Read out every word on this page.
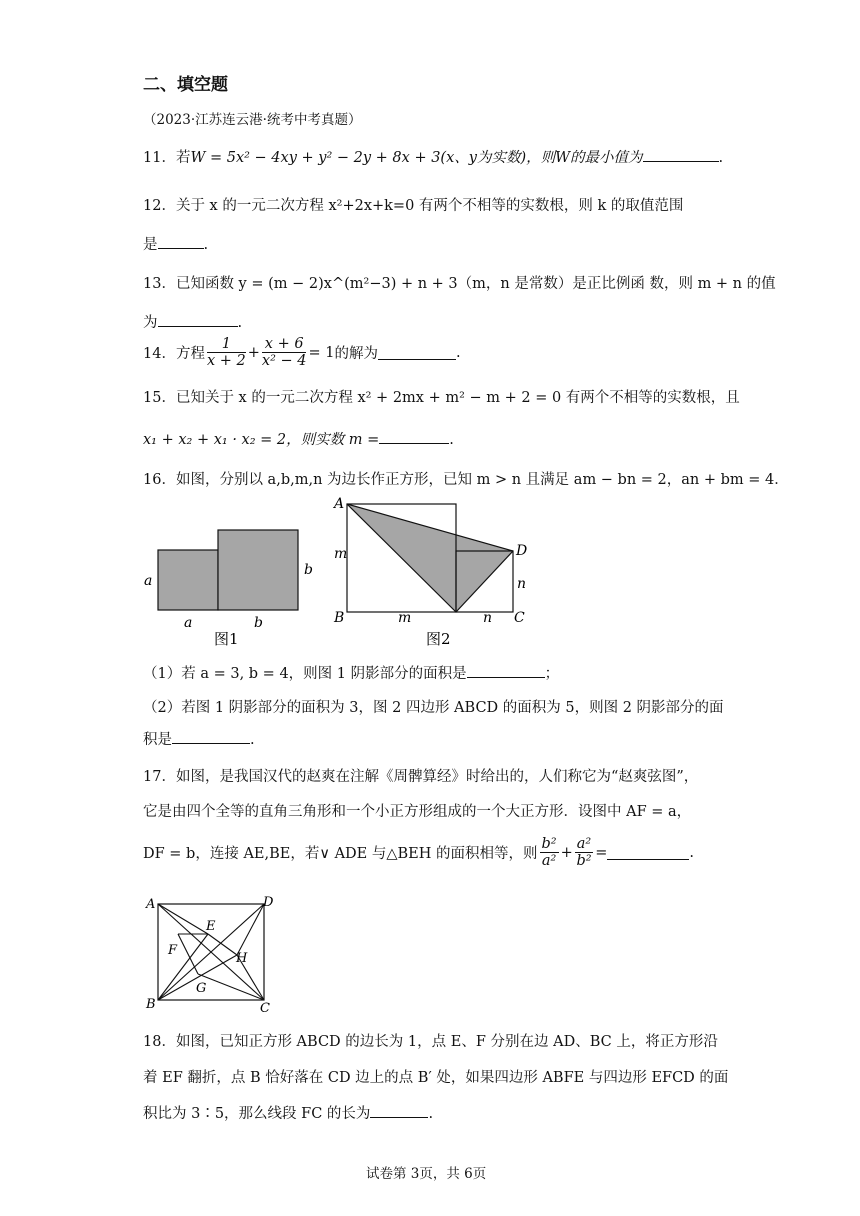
二、填空题
（2023·江苏连云港·统考中考真题）
11．若W = 5x² − 4xy + y² − 2y + 8x + 3(x、y为实数)，则W的最小值为	.
12．关于 x 的一元二次方程 x²+2x+k=0 有两个不相等的实数根，则 k 的取值范围
是	.
13．已知函数 y = (m − 2)x^(m²−3) + n + 3（m，n 是常数）是正比例函 数，则 m + n 的值
为	.
14． 方程 $\frac{1}{x + 2} + \frac{x + 6}{\text{x² − 4}} = 1$ 的解为	.
15．已知关于 x 的一元二次方程 x² + 2mx + m² − m + 2 = 0 有两个不相等的实数根，且
x₁ + x₂ + x₁ · x₂ = 2，则实数 m =	.
16．如图，分别以 a,b,m,n 为边长作正方形，已知 m > n 且满足 am − bn = 2，an + bm = 4．
a
b
a	b
图1
A
B	C
D
m
m	n
n
图2
（1）若 a = 3, b = 4，则图 1 阴影部分的面积是	；
（2）若图 1 阴影部分的面积为 3，图 2 四边形 ABCD 的面积为 5，则图 2 阴影部分的面
积是	.
17．如图，是我国汉代的赵爽在注解《周髀算经》时给出的，人们称它为“赵爽弦图”，
它是由四个全等的直角三角形和一个小正方形组成的一个大正方形．设图中 AF = a，
DF = b，连接 AE,BE，若∨ ADE 与△BEH 的面积相等，则 $\frac{\text{b²}}{\text{a²}} + \frac{\text{a²}}{\text{b²}}$ =	.
A
B	C
D
E
F
G
H
18．如图，已知正方形 ABCD 的边长为 1，点 E、F 分别在边 AD、BC 上，将正方形沿
着 EF 翻折，点 B 恰好落在 CD 边上的点 B′ 处，如果四边形 ABFE 与四边形 EFCD 的面
积比为 3∶5，那么线段 FC 的长为	.
试卷第 3页，共 6页
